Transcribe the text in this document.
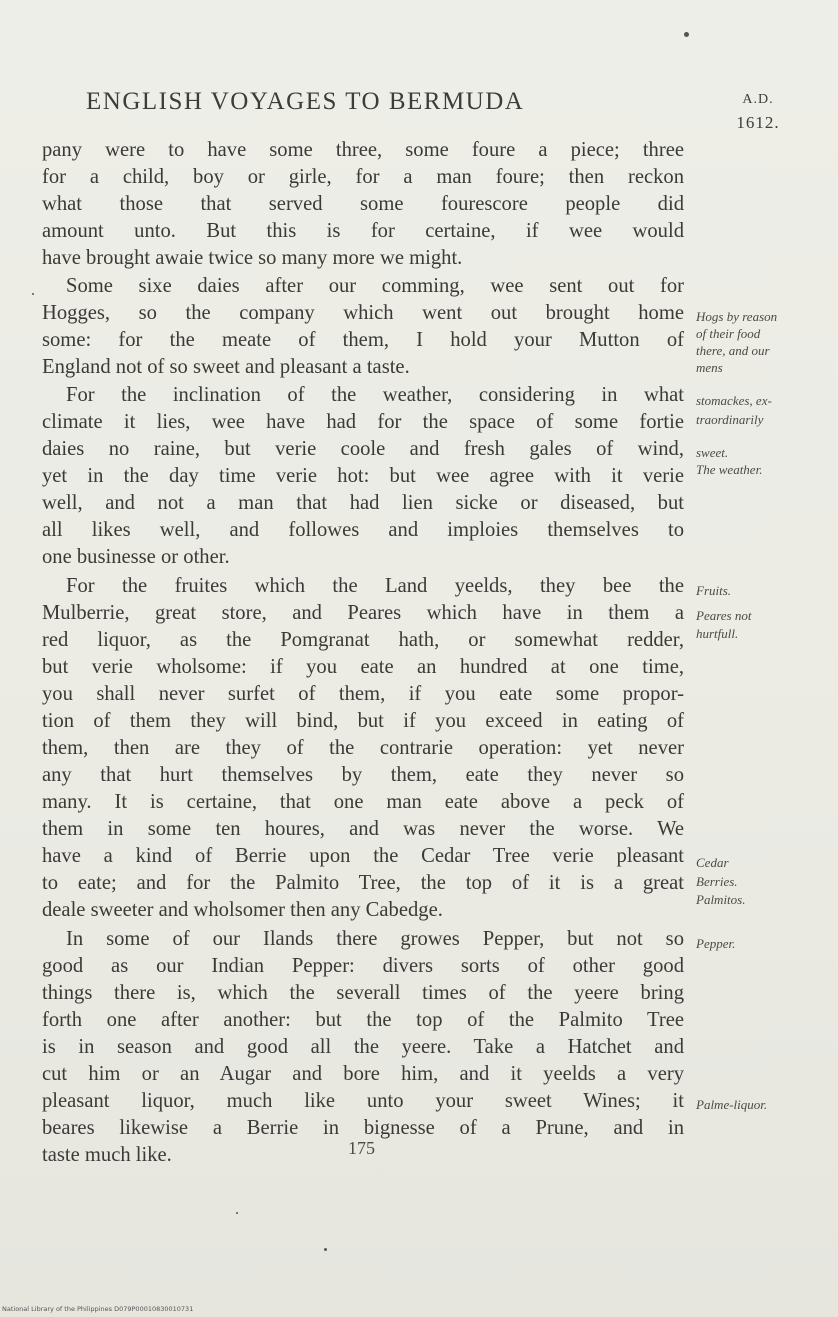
ENGLISH VOYAGES TO BERMUDA	A.D.
1612.
pany were to have some three, some foure a piece; three
for a child, boy or girle, for a man foure; then reckon
what those that served some fourescore people did
amount unto. But this is for certaine, if wee would
have brought awaie twice so many more we might.
Some sixe daies after our comming, wee sent out for
Hogges, so the company which went out brought home
some: for the meate of them, I hold your Mutton of
England not of so sweet and pleasant a taste.
For the inclination of the weather, considering in what
climate it lies, wee have had for the space of some fortie
daies no raine, but verie coole and fresh gales of wind,
yet in the day time verie hot: but wee agree with it verie
well, and not a man that had lien sicke or diseased, but
all likes well, and followes and imploies themselves to
one businesse or other.
For the fruites which the Land yeelds, they bee the
Mulberrie, great store, and Peares which have in them a
red liquor, as the Pomgranat hath, or somewhat redder,
but verie wholsome: if you eate an hundred at one time,
you shall never surfet of them, if you eate some propor-
tion of them they will bind, but if you exceed in eating of
them, then are they of the contrarie operation: yet never
any that hurt themselves by them, eate they never so
many. It is certaine, that one man eate above a peck of
them in some ten houres, and was never the worse. We
have a kind of Berrie upon the Cedar Tree verie pleasant
to eate; and for the Palmito Tree, the top of it is a great
deale sweeter and wholsomer then any Cabedge.
In some of our Ilands there growes Pepper, but not so
good as our Indian Pepper: divers sorts of other good
things there is, which the severall times of the yeere bring
forth one after another: but the top of the Palmito Tree
is in season and good all the yeere. Take a Hatchet and
cut him or an Augar and bore him, and it yeelds a very
pleasant liquor, much like unto your sweet Wines; it
beares likewise a Berrie in bignesse of a Prune, and in
taste much like.
Hogs by reason
of their food
there, and our
mens
stomackes, ex-
traordinarily
sweet.
The weather.
Fruits.
Peares not
hurtfull.
Cedar
Berries.
Palmitos.
Pepper.
Palme-liquor.
175
National Library of the Philippines D079P00010830010731
